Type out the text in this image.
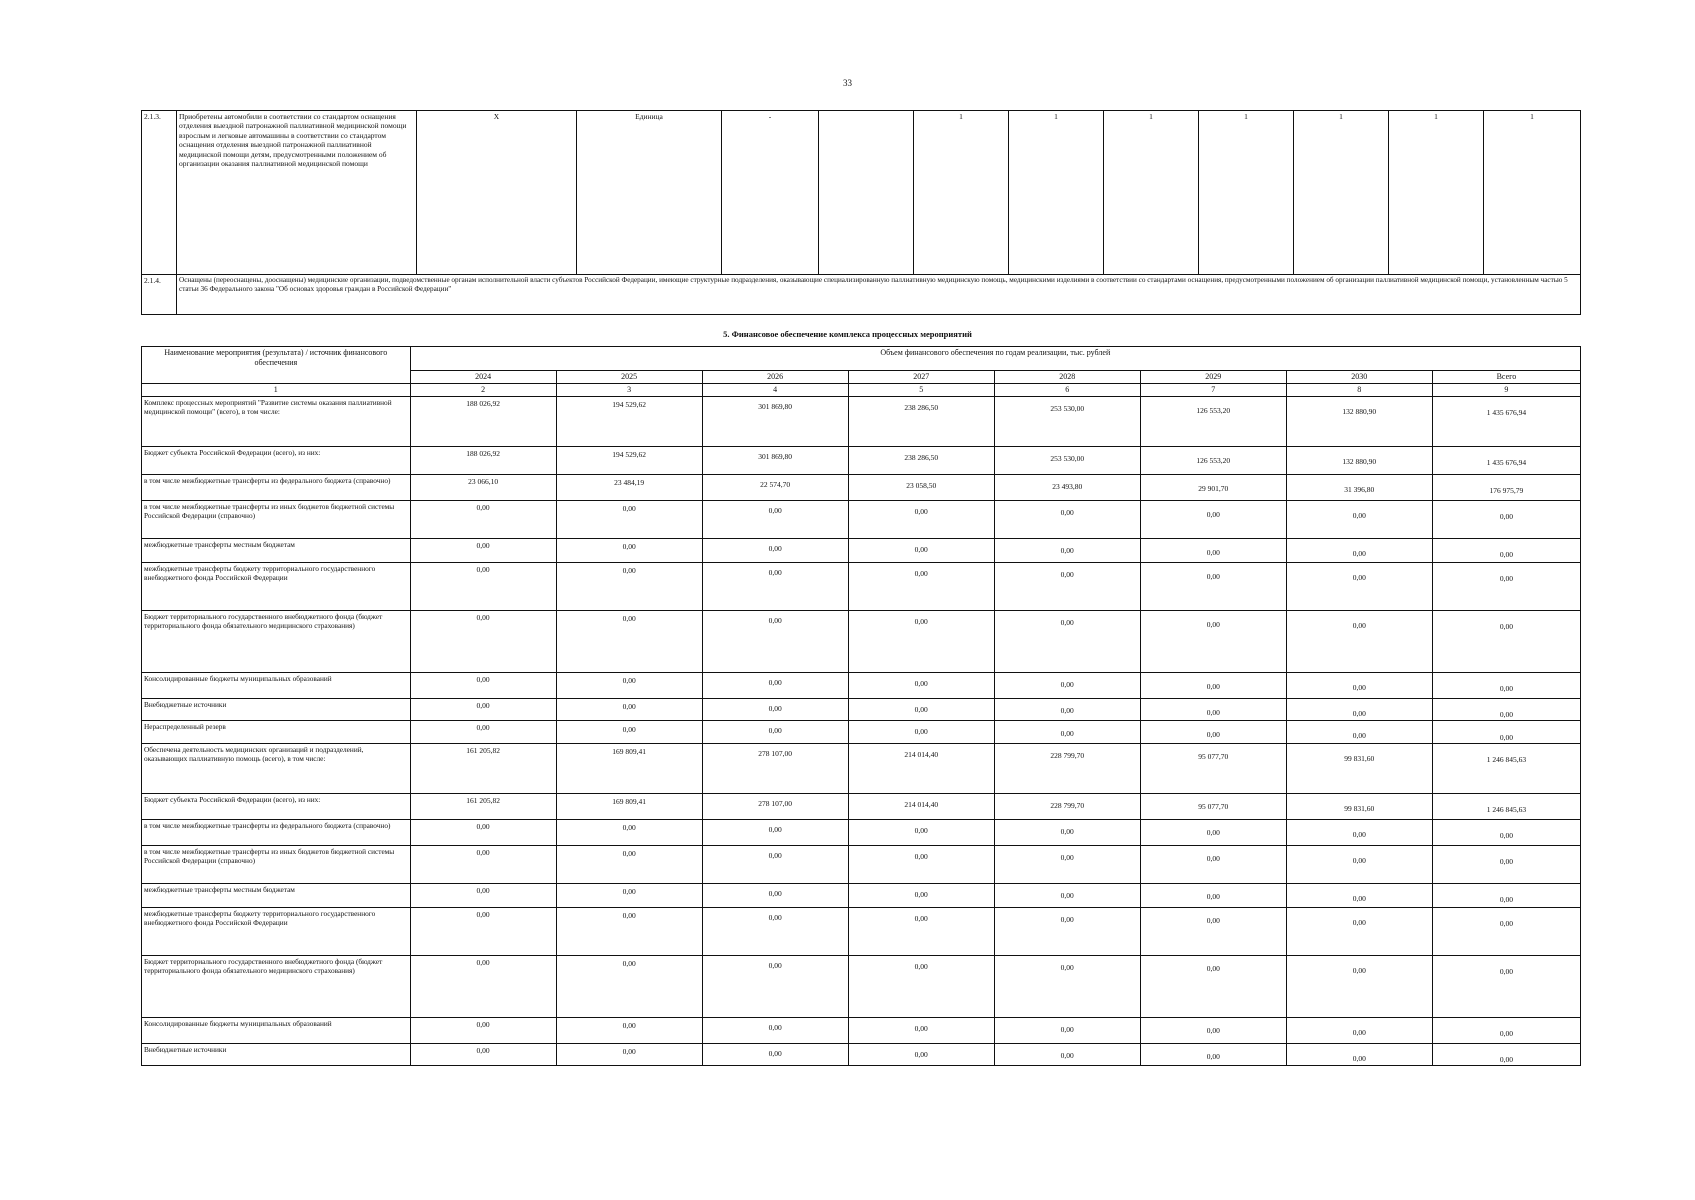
33
2.1.3.	Приобретены автомобили в соответствии со стандартом оснащения отделения выездной патронажной паллиативной медицинской помощи взрослым и легковые автомашины в соответствии со стандартом оснащения отделения выездной патронажной паллиативной медицинской помощи детям, предусмотренными положением об организации оказания паллиативной медицинской помощи	X	Единица	-		1	1	1	1	1	1	1
2.1.4.	Оснащены (переоснащены, дооснащены) медицинские организации, подведомственные органам исполнительной власти субъектов Российской Федерации, имеющие структурные подразделения, оказывающие специализированную паллиативную медицинскую помощь, медицинскими изделиями в соответствии со стандартами оснащения, предусмотренными положением об организации паллиативной медицинской помощи, установленным частью 5 статьи 36 Федерального закона "Об основах здоровья граждан в Российской Федерации"											
5. Финансовое обеспечение комплекса процессных мероприятий
Наименование мероприятия (результата) / источник финансового обеспечения	Объем финансового обеспечения по годам реализации, тыс. рублей							
	2024	2025	2026	2027	2028	2029	2030	Всего
1	2	3	4	5	6	7	8	9
Комплекс процессных мероприятий "Развитие системы оказания паллиативной медицинской помощи" (всего), в том числе:	188 026,92	194 529,62	301 869,80	238 286,50	253 530,00	126 553,20	132 880,90	1 435 676,94
Бюджет субъекта Российской Федерации (всего), из них:	188 026,92	194 529,62	301 869,80	238 286,50	253 530,00	126 553,20	132 880,90	1 435 676,94
в том числе межбюджетные трансферты из федерального бюджета (справочно)	23 066,10	23 484,19	22 574,70	23 058,50	23 493,80	29 901,70	31 396,80	176 975,79
в том числе межбюджетные трансферты из иных бюджетов бюджетной системы Российской Федерации (справочно)	0,00	0,00	0,00	0,00	0,00	0,00	0,00	0,00
межбюджетные трансферты местным бюджетам	0,00	0,00	0,00	0,00	0,00	0,00	0,00	0,00
межбюджетные трансферты бюджету территориального государственного внебюджетного фонда Российской Федерации	0,00	0,00	0,00	0,00	0,00	0,00	0,00	0,00
Бюджет территориального государственного внебюджетного фонда (бюджет территориального фонда обязательного медицинского страхования)	0,00	0,00	0,00	0,00	0,00	0,00	0,00	0,00
Консолидированные бюджеты муниципальных образований	0,00	0,00	0,00	0,00	0,00	0,00	0,00	0,00
Внебюджетные источники	0,00	0,00	0,00	0,00	0,00	0,00	0,00	0,00
Нераспределенный резерв	0,00	0,00	0,00	0,00	0,00	0,00	0,00	0,00
Обеспечена деятельность медицинских организаций и подразделений, оказывающих паллиативную помощь (всего), в том числе:	161 205,82	169 809,41	278 107,00	214 014,40	228 799,70	95 077,70	99 831,60	1 246 845,63
Бюджет субъекта Российской Федерации (всего), из них:	161 205,82	169 809,41	278 107,00	214 014,40	228 799,70	95 077,70	99 831,60	1 246 845,63
в том числе межбюджетные трансферты из федерального бюджета (справочно)	0,00	0,00	0,00	0,00	0,00	0,00	0,00	0,00
в том числе межбюджетные трансферты из иных бюджетов бюджетной системы Российской Федерации (справочно)	0,00	0,00	0,00	0,00	0,00	0,00	0,00	0,00
межбюджетные трансферты местным бюджетам	0,00	0,00	0,00	0,00	0,00	0,00	0,00	0,00
межбюджетные трансферты бюджету территориального государственного внебюджетного фонда Российской Федерации	0,00	0,00	0,00	0,00	0,00	0,00	0,00	0,00
Бюджет территориального государственного внебюджетного фонда (бюджет территориального фонда обязательного медицинского страхования)	0,00	0,00	0,00	0,00	0,00	0,00	0,00	0,00
Консолидированные бюджеты муниципальных образований	0,00	0,00	0,00	0,00	0,00	0,00	0,00	0,00
Внебюджетные источники	0,00	0,00	0,00	0,00	0,00	0,00	0,00	0,00
